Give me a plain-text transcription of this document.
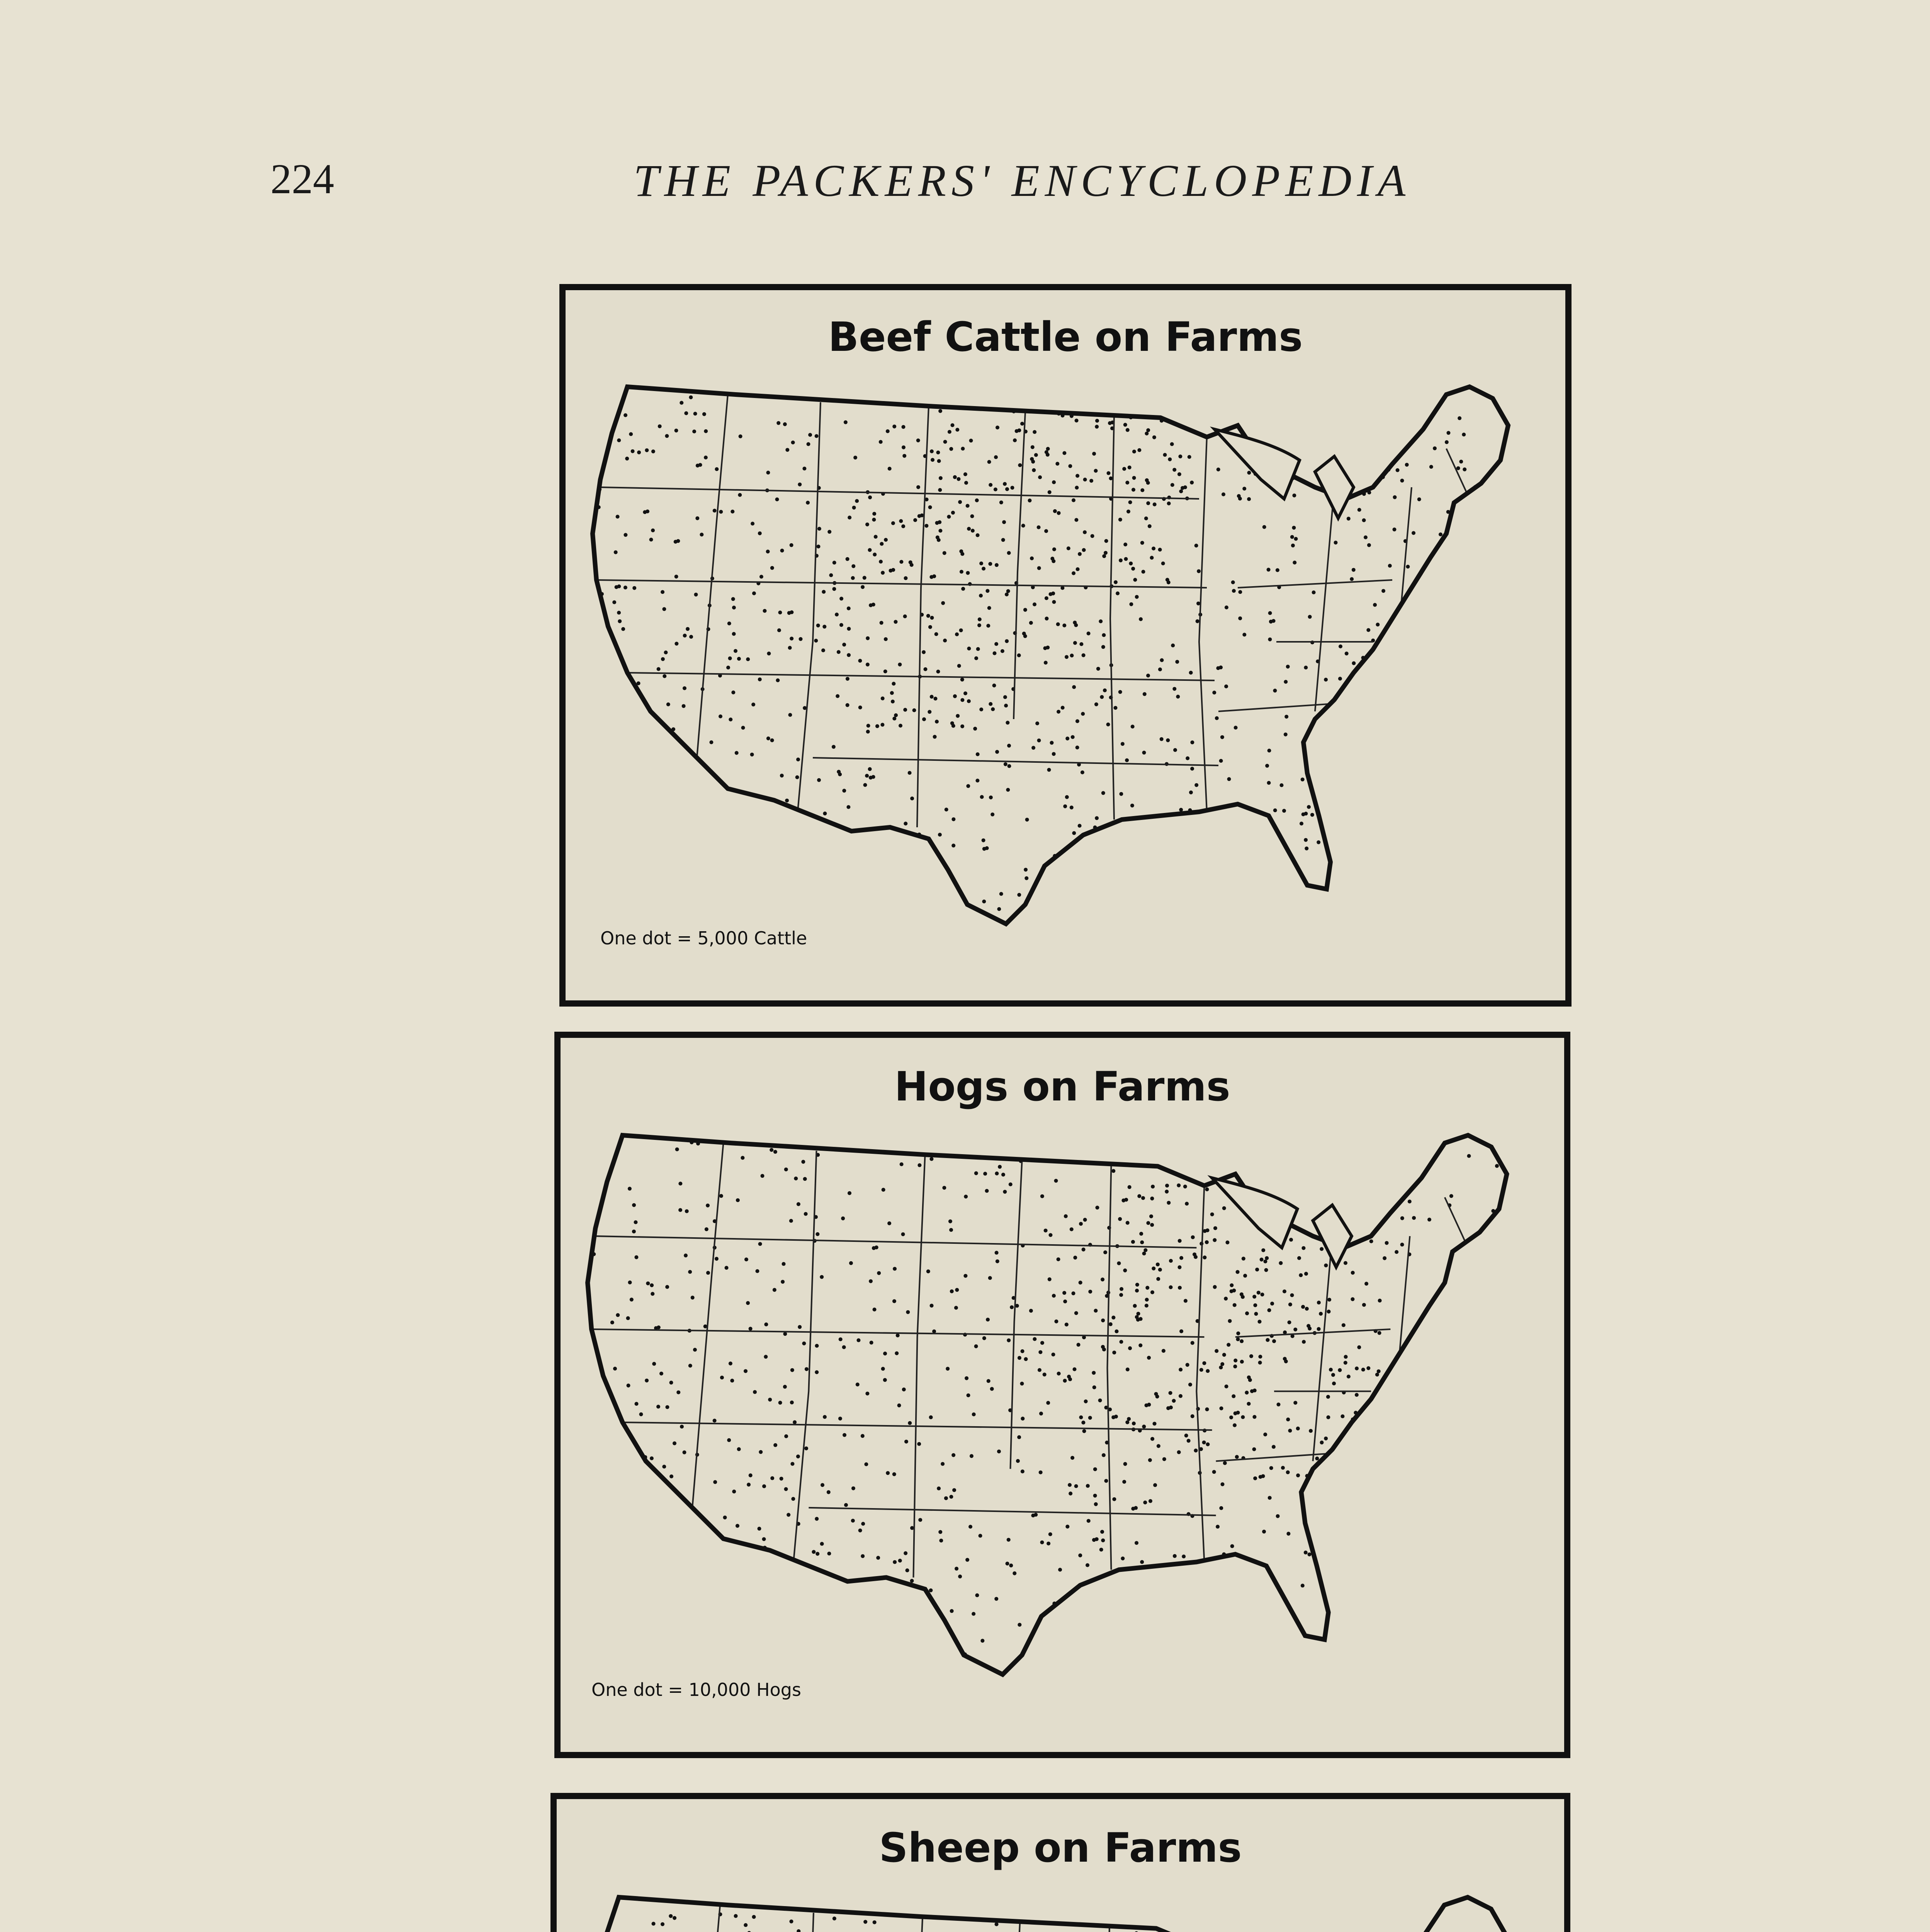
224	THE PACKERS' ENCYCLOPEDIA
Beef Cattle on Farms
One dot = 5,000 Cattle
Hogs on Farms
One dot = 10,000 Hogs
Sheep on Farms
